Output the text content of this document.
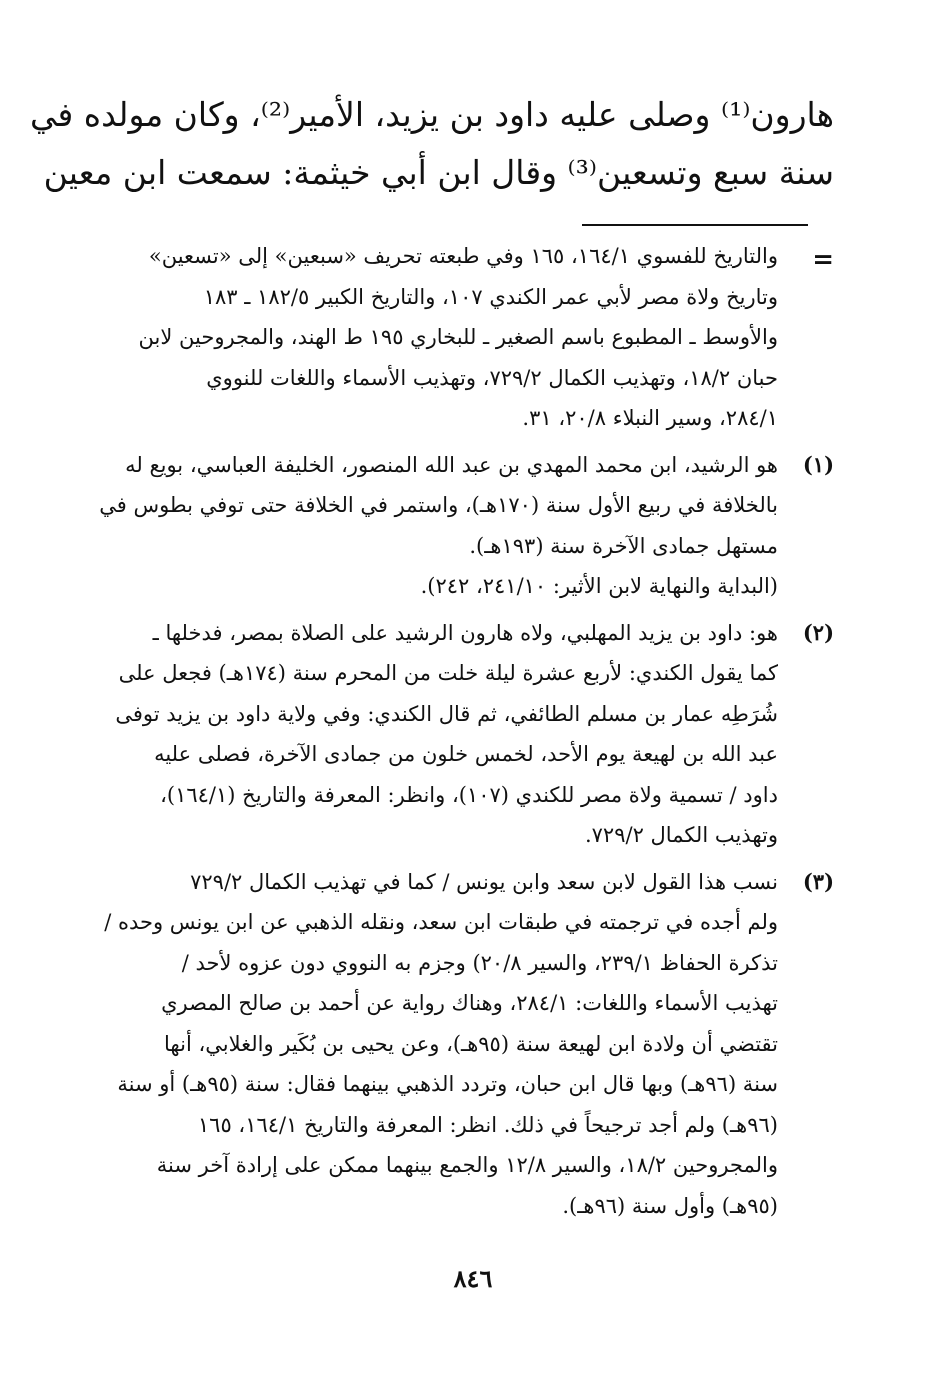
هارون⁽¹⁾ وصلى عليه داود بن يزيد، الأمير⁽²⁾، وكان مولده في
سنة سبع وتسعين⁽³⁾ وقال ابن أبي خيثمة: سمعت ابن معين
=
والتاريخ للفسوي ١٦٤/١، ١٦٥ وفي طبعته تحريف «سبعين» إلى «تسعين»
وتاريخ ولاة مصر لأبي عمر الكندي ١٠٧، والتاريخ الكبير ١٨٢/٥ ـ ١٨٣
والأوسط ـ المطبوع باسم الصغير ـ للبخاري ١٩٥ ط الهند، والمجروحين لابن
حبان ١٨/٢، وتهذيب الكمال ٧٢٩/٢، وتهذيب الأسماء واللغات للنووي
٢٨٤/١، وسير النبلاء ٢٠/٨، ٣١.
(١)
هو الرشيد، ابن محمد المهدي بن عبد الله المنصور، الخليفة العباسي، بويع له
بالخلافة في ربيع الأول سنة (١٧٠هـ)، واستمر في الخلافة حتى توفي بطوس في
مستهل جمادى الآخرة سنة (١٩٣هـ).
(البداية والنهاية لابن الأثير: ٢٤١/١٠، ٢٤٢).
(٢)
هو: داود بن يزيد المهلبي، ولاه هارون الرشيد على الصلاة بمصر، فدخلها ـ
كما يقول الكندي: لأربع عشرة ليلة خلت من المحرم سنة (١٧٤هـ) فجعل على
شُرَطِه عمار بن مسلم الطائفي، ثم قال الكندي: وفي ولاية داود بن يزيد توفى
عبد الله بن لهيعة يوم الأحد، لخمس خلون من جمادى الآخرة، فصلى عليه
داود / تسمية ولاة مصر للكندي (١٠٧)، وانظر: المعرفة والتاريخ (١٦٤/١)،
وتهذيب الكمال ٧٢٩/٢.
(٣)
نسب هذا القول لابن سعد وابن يونس / كما في تهذيب الكمال ٧٢٩/٢
ولم أجده في ترجمته في طبقات ابن سعد، ونقله الذهبي عن ابن يونس وحده /
تذكرة الحفاظ ٢٣٩/١، والسير ٢٠/٨) وجزم به النووي دون عزوه لأحد /
تهذيب الأسماء واللغات: ٢٨٤/١، وهناك رواية عن أحمد بن صالح المصري
تقتضي أن ولادة ابن لهيعة سنة (٩٥هـ)، وعن يحيى بن بُكَير والغلابي، أنها
سنة (٩٦هـ) وبها قال ابن حبان، وتردد الذهبي بينهما فقال: سنة (٩٥هـ) أو سنة
(٩٦هـ) ولم أجد ترجيحاً في ذلك. انظر: المعرفة والتاريخ ١٦٤/١، ١٦٥
والمجروحين ١٨/٢، والسير ١٢/٨ والجمع بينهما ممكن على إرادة آخر سنة
(٩٥هـ) وأول سنة (٩٦هـ).
٨٤٦
